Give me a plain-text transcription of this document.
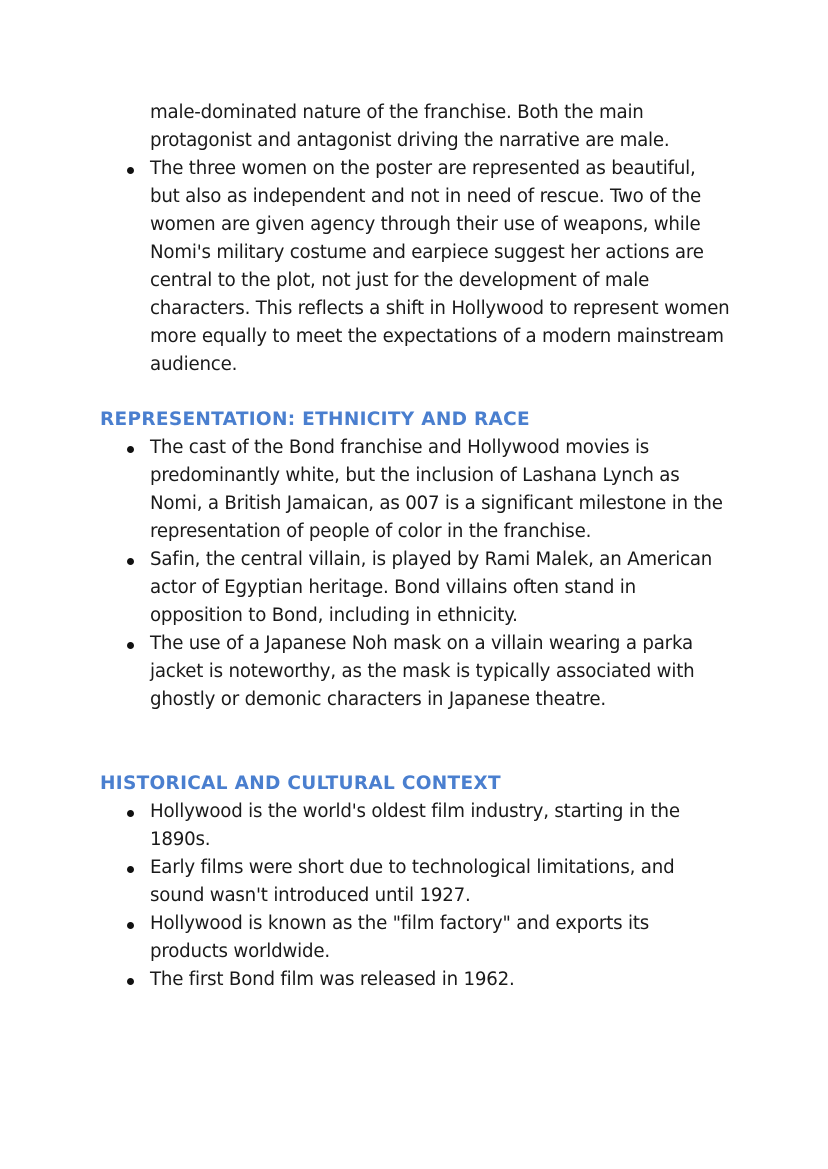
male-dominated nature of the franchise. Both the main protagonist and antagonist driving the narrative are male.

The three women on the poster are represented as beautiful, but also as independent and not in need of rescue. Two of the women are given agency through their use of weapons, while Nomi's military costume and earpiece suggest her actions are central to the plot, not just for the development of male characters. This reflects a shift in Hollywood to represent women more equally to meet the expectations of a modern mainstream audience.
REPRESENTATION: ETHNICITY AND RACE
The cast of the Bond franchise and Hollywood movies is predominantly white, but the inclusion of Lashana Lynch as Nomi, a British Jamaican, as 007 is a significant milestone in the representation of people of color in the franchise.
Safin, the central villain, is played by Rami Malek, an American actor of Egyptian heritage. Bond villains often stand in opposition to Bond, including in ethnicity.
The use of a Japanese Noh mask on a villain wearing a parka jacket is noteworthy, as the mask is typically associated with ghostly or demonic characters in Japanese theatre.
HISTORICAL AND CULTURAL CONTEXT
Hollywood is the world's oldest film industry, starting in the 1890s.
Early films were short due to technological limitations, and sound wasn't introduced until 1927.
Hollywood is known as the "film factory" and exports its products worldwide.
The first Bond film was released in 1962.
